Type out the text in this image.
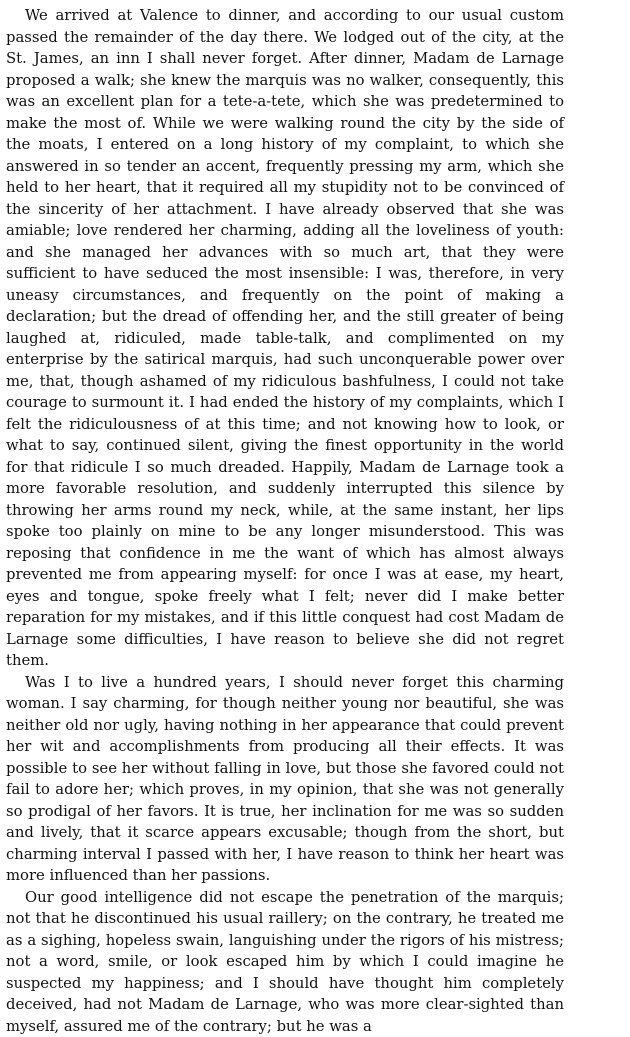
We arrived at Valence to dinner, and according to our usual custom passed the remainder of the day there. We lodged out of the city, at the St. James, an inn I shall never forget. After dinner, Madam de Larnage proposed a walk; she knew the marquis was no walker, consequently, this was an excellent plan for a tete-a-tete, which she was predetermined to make the most of. While we were walking round the city by the side of the moats, I entered on a long history of my complaint, to which she answered in so tender an accent, frequently pressing my arm, which she held to her heart, that it required all my stupidity not to be convinced of the sincerity of her attachment. I have already observed that she was amiable; love rendered her charming, adding all the loveliness of youth: and she managed her advances with so much art, that they were sufficient to have seduced the most insensible: I was, therefore, in very uneasy circumstances, and frequently on the point of making a declaration; but the dread of offending her, and the still greater of being laughed at, ridiculed, made table-talk, and complimented on my enterprise by the satirical marquis, had such unconquerable power over me, that, though ashamed of my ridiculous bashfulness, I could not take courage to surmount it. I had ended the history of my complaints, which I felt the ridiculousness of at this time; and not knowing how to look, or what to say, continued silent, giving the finest opportunity in the world for that ridicule I so much dreaded. Happily, Madam de Larnage took a more favorable resolution, and suddenly interrupted this silence by throwing her arms round my neck, while, at the same instant, her lips spoke too plainly on mine to be any longer misunderstood. This was reposing that confidence in me the want of which has almost always prevented me from appearing myself: for once I was at ease, my heart, eyes and tongue, spoke freely what I felt; never did I make better reparation for my mistakes, and if this little conquest had cost Madam de Larnage some difficulties, I have reason to believe she did not regret them.

Was I to live a hundred years, I should never forget this charming woman. I say charming, for though neither young nor beautiful, she was neither old nor ugly, having nothing in her appearance that could prevent her wit and accomplishments from producing all their effects. It was possible to see her without falling in love, but those she favored could not fail to adore her; which proves, in my opinion, that she was not generally so prodigal of her favors. It is true, her inclination for me was so sudden and lively, that it scarce appears excusable; though from the short, but charming interval I passed with her, I have reason to think her heart was more influenced than her passions.

Our good intelligence did not escape the penetration of the marquis; not that he discontinued his usual raillery; on the contrary, he treated me as a sighing, hopeless swain, languishing under the rigors of his mistress; not a word, smile, or look escaped him by which I could imagine he suspected my happiness; and I should have thought him completely deceived, had not Madam de Larnage, who was more clear-sighted than myself, assured me of the contrary; but he was a
